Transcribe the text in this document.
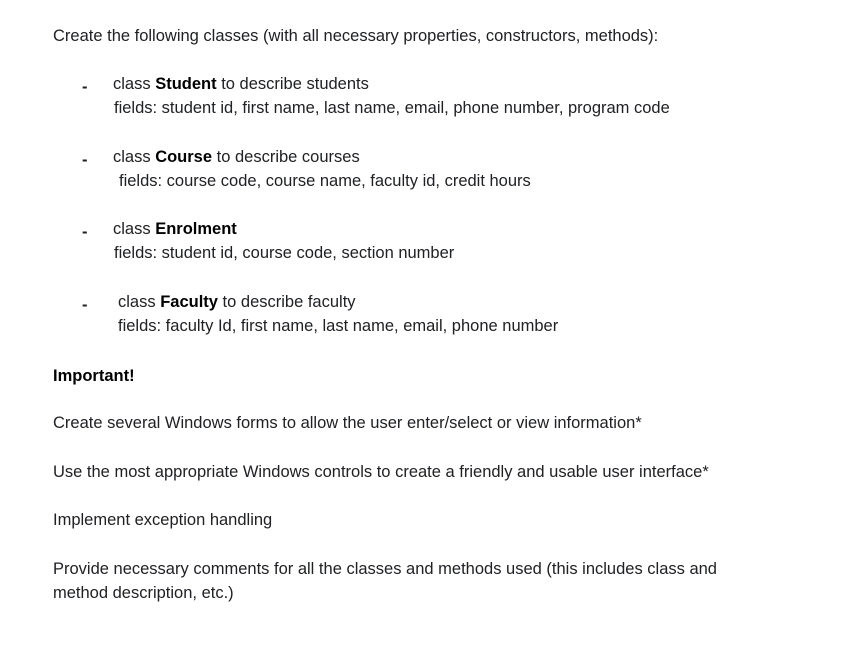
Create the following classes (with all necessary properties, constructors, methods):
- class Student to describe students
fields: student id, first name, last name, email, phone number, program code
- class Course to describe courses
fields: course code, course name, faculty id, credit hours
- class Enrolment
fields: student id, course code, section number
- class Faculty to describe faculty
fields: faculty Id, first name, last name, email, phone number
Important!
Create several Windows forms to allow the user enter/select or view information*
Use the most appropriate Windows controls to create a friendly and usable user interface*
Implement exception handling
Provide necessary comments for all the classes and methods used (this includes class and
method description, etc.)
